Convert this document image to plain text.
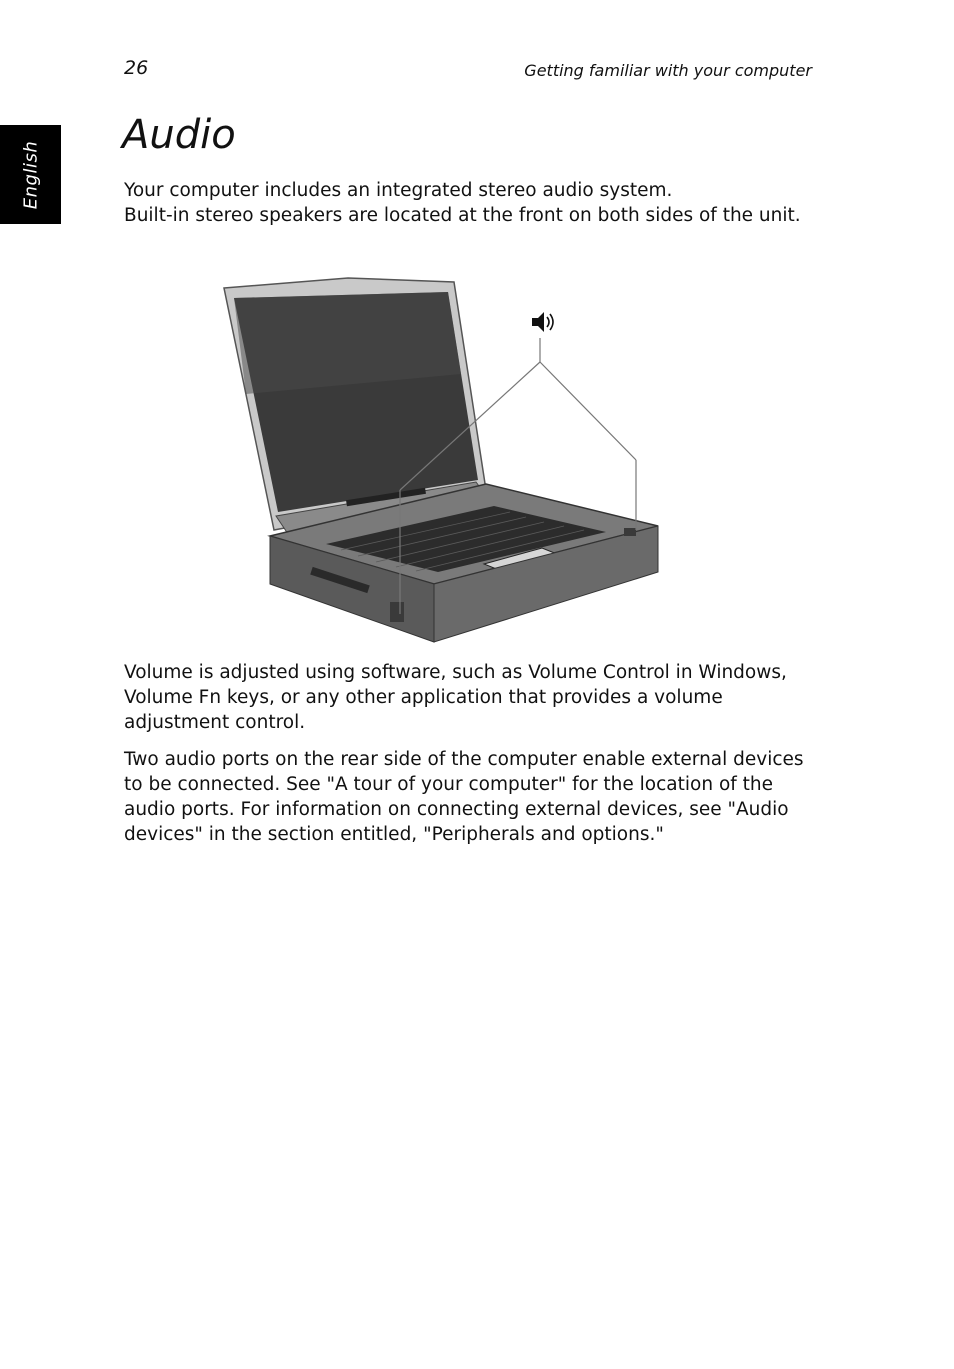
26	Getting familiar with your computer
English
Audio

Your computer includes an integrated stereo audio system.

Built-in stereo speakers are located at the front on both sides of the unit.

Volume is adjusted using software, such as Volume Control in Windows, Volume Fn keys, or any other application that provides a volume adjustment control.

Two audio ports on the rear side of the computer enable external devices to be connected. See "A tour of your computer" for the location of the audio ports. For information on connecting external devices, see "Audio devices" in the section entitled, "Peripherals and options."
